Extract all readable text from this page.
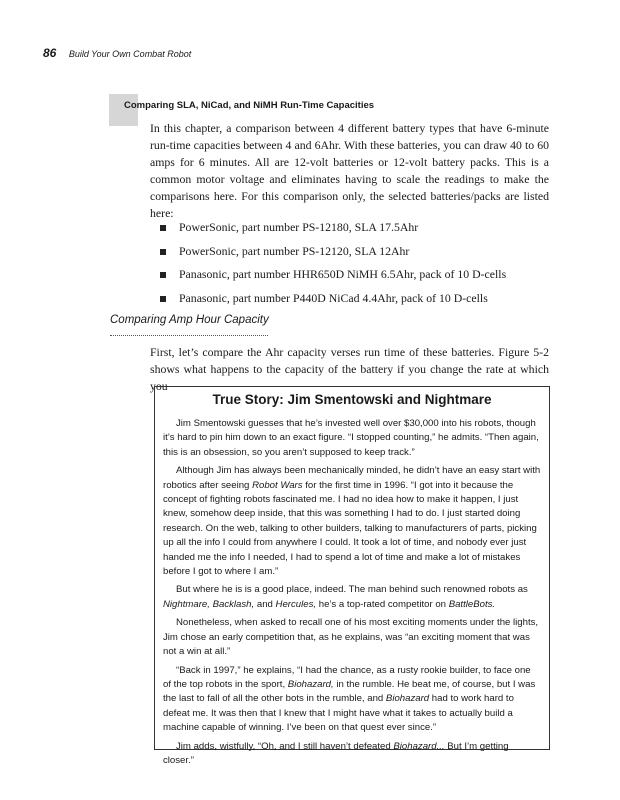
86 Build Your Own Combat Robot
Comparing SLA, NiCad, and NiMH Run-Time Capacities

In this chapter, a comparison between 4 different battery types that have 6-minute run-time capacities between 4 and 6Ahr. With these batteries, you can draw 40 to 60 amps for 6 minutes. All are 12-volt batteries or 12-volt battery packs. This is a common motor voltage and eliminates having to scale the readings to make the comparisons here. For this comparison only, the selected batteries/packs are listed here:

PowerSonic, part number PS-12180, SLA 17.5Ahr
PowerSonic, part number PS-12120, SLA 12Ahr
Panasonic, part number HHR650D NiMH 6.5Ahr, pack of 10 D-cells
Panasonic, part number P440D NiCad 4.4Ahr, pack of 10 D-cells
Comparing Amp Hour Capacity

First, let’s compare the Ahr capacity verses run time of these batteries. Figure 5-2 shows what happens to the capacity of the battery if you change the rate at which you

True Story: Jim Smentowski and Nightmare

Jim Smentowski guesses that he’s invested well over $30,000 into his robots, though it’s hard to pin him down to an exact figure. “I stopped counting,” he admits. “Then again, this is an obsession, so you aren’t supposed to keep track.”

Although Jim has always been mechanically minded, he didn’t have an easy start with robotics after seeing Robot Wars for the first time in 1996. “I got into it because the concept of fighting robots fascinated me. I had no idea how to make it happen, I just knew, somehow deep inside, that this was something I had to do. I just started doing research. On the web, talking to other builders, talking to manufacturers of parts, picking up all the info I could from anywhere I could. It took a lot of time, and nobody ever just handed me the info I needed, I had to spend a lot of time and make a lot of mistakes before I got to where I am.”

But where he is is a good place, indeed. The man behind such renowned robots as Nightmare, Backlash, and Hercules, he’s a top-rated competitor on BattleBots.

Nonetheless, when asked to recall one of his most exciting moments under the lights, Jim chose an early competition that, as he explains, was “an exciting moment that was not a win at all.”

“Back in 1997,” he explains, “I had the chance, as a rusty rookie builder, to face one of the top robots in the sport, Biohazard, in the rumble. He beat me, of course, but I was the last to fall of all the other bots in the rumble, and Biohazard had to work hard to defeat me. It was then that I knew that I might have what it takes to actually build a machine capable of winning. I’ve been on that quest ever since.”

Jim adds, wistfully, “Oh, and I still haven’t defeated Biohazard... But I’m getting closer.”
